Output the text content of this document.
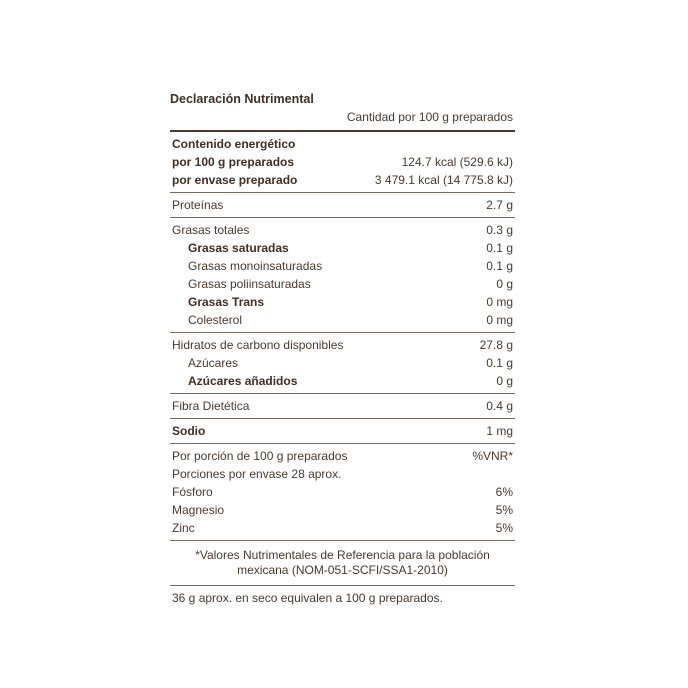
Declaración Nutrimental
Cantidad por 100 g preparados
Contenido energético
por 100 g preparados	124.7 kcal (529.6 kJ)
por envase preparado	3 479.1 kcal (14 775.8 kJ)
Proteínas	2.7 g
Grasas totales	0.3 g
Grasas saturadas	0.1 g
Grasas monoinsaturadas	0.1 g
Grasas poliinsaturadas	0 g
Grasas Trans	0 mg
Colesterol	0 mg
Hidratos de carbono disponibles	27.8 g
Azúcares	0.1 g
Azúcares añadidos	0 g
Fibra Dietética	0.4 g
Sodio	1 mg
Por porción de 100 g preparados	%VNR*
Porciones por envase 28 aprox.
Fósforo	6%
Magnesio	5%
Zinc	5%
*Valores Nutrimentales de Referencia para la población
mexicana (NOM-051-SCFI/SSA1-2010)
36 g aprox. en seco equivalen a 100 g preparados.
